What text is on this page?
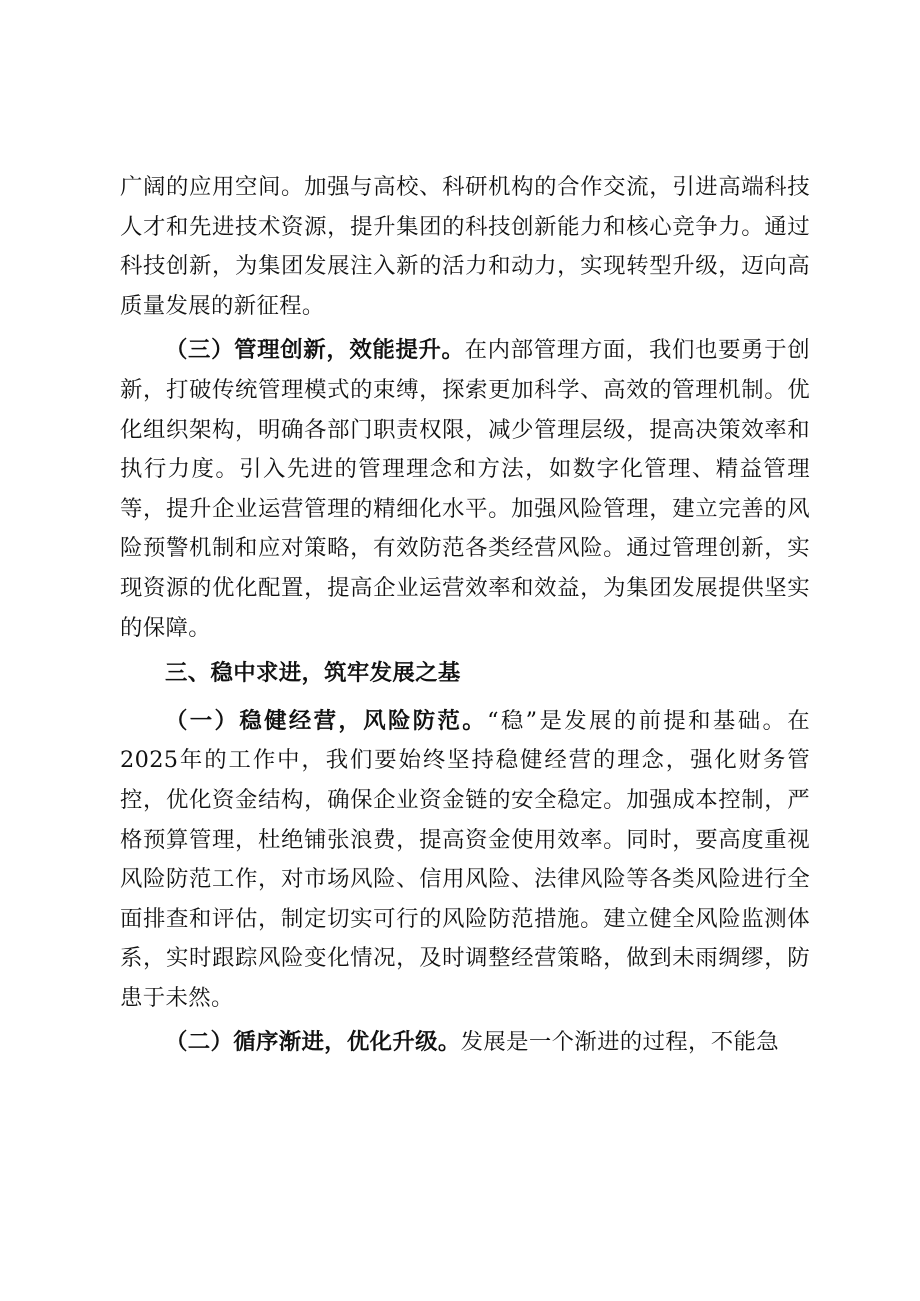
广阔的应用空间。加强与高校、科研机构的合作交流，引进高端科技人才和先进技术资源，提升集团的科技创新能力和核心竞争力。通过科技创新，为集团发展注入新的活力和动力，实现转型升级，迈向高质量发展的新征程。

（三）管理创新，效能提升。在内部管理方面，我们也要勇于创新，打破传统管理模式的束缚，探索更加科学、高效的管理机制。优化组织架构，明确各部门职责权限，减少管理层级，提高决策效率和执行力度。引入先进的管理理念和方法，如数字化管理、精益管理等，提升企业运营管理的精细化水平。加强风险管理，建立完善的风险预警机制和应对策略，有效防范各类经营风险。通过管理创新，实现资源的优化配置，提高企业运营效率和效益，为集团发展提供坚实的保障。

三、稳中求进，筑牢发展之基

（一）稳健经营，风险防范。“稳”是发展的前提和基础。在2025年的工作中，我们要始终坚持稳健经营的理念，强化财务管控，优化资金结构，确保企业资金链的安全稳定。加强成本控制，严格预算管理，杜绝铺张浪费，提高资金使用效率。同时，要高度重视风险防范工作，对市场风险、信用风险、法律风险等各类风险进行全面排查和评估，制定切实可行的风险防范措施。建立健全风险监测体系，实时跟踪风险变化情况，及时调整经营策略，做到未雨绸缪，防患于未然。

（二）循序渐进，优化升级。发展是一个渐进的过程，不能急
